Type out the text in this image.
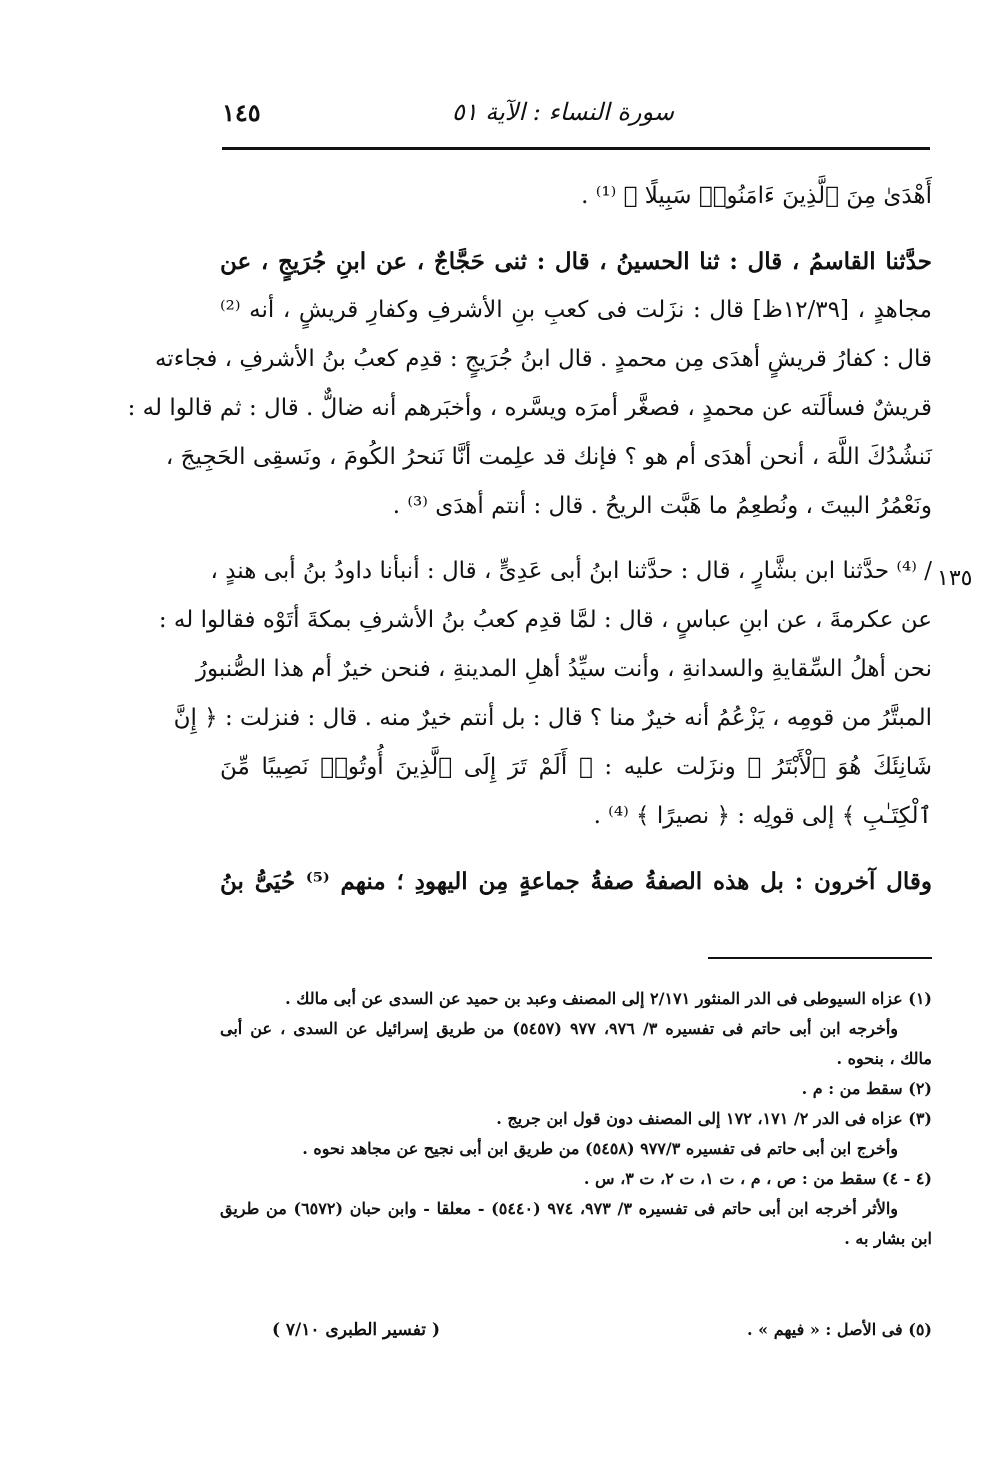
سورة النساء : الآية ٥١
١٤٥
١٣٥
أَهْدَىٰ مِنَ ٱلَّذِينَ ءَامَنُوا۟ سَبِيلًا ﴾ ⁽¹⁾ .
حدَّثنا القاسمُ ، قال : ثنا الحسينُ ، قال : ثنى حَجَّاجٌ ، عن ابنِ جُرَيجٍ ، عن
مجاهدٍ ، [١٢/٣٩ظ] قال : نزَلت فى كعبِ بنِ الأشرفِ وكفارِ قريشٍ ، أنه ⁽²⁾
قال : كفارُ قريشٍ أهدَى مِن محمدٍ . قال ابنُ جُرَيجٍ : قدِم كعبُ بنُ الأشرفِ ، فجاءته
قريشٌ فسألَته عن محمدٍ ، فصغَّر أمرَه ويسَّره ، وأخبَرهم أنه ضالٌّ . قال : ثم قالوا له :
نَنشُدُكَ اللَّهَ ، أنحن أهدَى أم هو ؟ فإنك قد علِمت أنَّا نَنحرُ الكُومَ ، ونَسقِى الحَجِيجَ ،
ونَعْمُرُ البيتَ ، ونُطعِمُ ما هَبَّت الريحُ . قال : أنتم أهدَى ⁽³⁾ .
/ ⁽⁴⁾ حدَّثنا ابن بشَّارٍ ، قال : حدَّثنا ابنُ أبى عَدِىٍّ ، قال : أنبأنا داودُ بنُ أبى هندٍ ،
عن عكرمةَ ، عن ابنِ عباسٍ ، قال : لمَّا قدِم كعبُ بنُ الأشرفِ بمكةَ أتَوْه فقالوا له :
نحن أهلُ السِّقايةِ والسدانةِ ، وأنت سيِّدُ أهلِ المدينةِ ، فنحن خيرٌ أم هذا الصُّنبورُ
المبتَّرُ من قومِه ، يَزْعُمُ أنه خيرٌ منا ؟ قال : بل أنتم خيرٌ منه . قال : فنزلت : ﴿ إِنَّ
شَانِئَكَ هُوَ ٱلْأَبْتَرُ ﴾ ونزَلت عليه : ﴿ أَلَمْ تَرَ إِلَى ٱلَّذِينَ أُوتُوا۟ نَصِيبًا مِّنَ
ٱلْكِتَـٰبِ ﴾ إلى قولِه : ﴿ نصيرًا ﴾ ⁽⁴⁾ .
وقال آخرون : بل هذه الصفةُ صفةُ جماعةٍ مِن اليهودِ ؛ منهم ⁽⁵⁾ حُيَىُّ بنُ
(١) عزاه السيوطى فى الدر المنثور ٢/١٧١ إلى المصنف وعبد بن حميد عن السدى عن أبى مالك .
وأخرجه ابن أبى حاتم فى تفسيره ٣/ ٩٧٦، ٩٧٧ (٥٤٥٧) من طريق إسرائيل عن السدى ، عن أبى
مالك ، بنحوه .
(٢) سقط من : م .
(٣) عزاه فى الدر ٢/ ١٧١، ١٧٢ إلى المصنف دون قول ابن جريج .
وأخرج ابن أبى حاتم فى تفسيره ٩٧٧/٣ (٥٤٥٨) من طريق ابن أبى نجيح عن مجاهد نحوه .
(٤ - ٤) سقط من : ص ، م ، ت ١، ت ٢، ت ٣، س .
والأثر أخرجه ابن أبى حاتم فى تفسيره ٣/ ٩٧٣، ٩٧٤ (٥٤٤٠) - معلقا - وابن حبان (٦٥٧٢) من طريق
ابن بشار به .
(٥) فى الأصل : « فيهم » .
( تفسير الطبرى ٧/١٠ )
